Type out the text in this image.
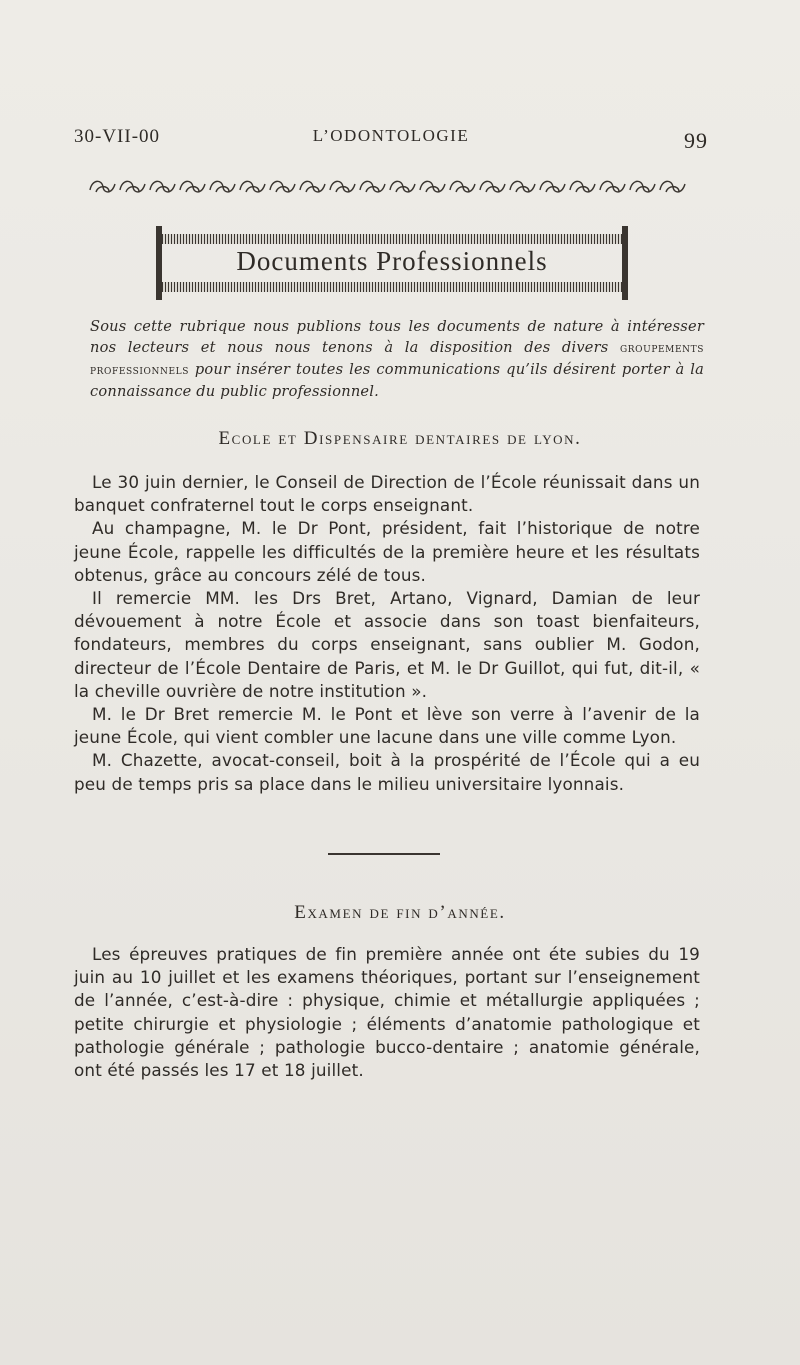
30-VII-00	L’ODONTOLOGIE	99
Documents Professionnels
Sous cette rubrique nous publions tous les documents de nature à intéresser nos lecteurs et nous nous tenons à la disposition des divers groupements professionnels pour insérer toutes les communications qu’ils désirent porter à la connaissance du public professionnel.
Ecole et Dispensaire dentaires de lyon.

Le 30 juin dernier, le Conseil de Direction de l’École réunissait dans un banquet confraternel tout le corps enseignant.

Au champagne, M. le Dr Pont, président, fait l’historique de notre jeune École, rappelle les difficultés de la première heure et les résultats obtenus, grâce au concours zélé de tous.

Il remercie MM. les Drs Bret, Artano, Vignard, Damian de leur dévouement à notre École et associe dans son toast bienfaiteurs, fondateurs, membres du corps enseignant, sans oublier M. Godon, directeur de l’École Dentaire de Paris, et M. le Dr Guillot, qui fut, dit-il, « la cheville ouvrière de notre institution ».

M. le Dr Bret remercie M. le Pont et lève son verre à l’avenir de la jeune École, qui vient combler une lacune dans une ville comme Lyon.

M. Chazette, avocat-conseil, boit à la prospérité de l’École qui a eu peu de temps pris sa place dans le milieu universitaire lyonnais.

Examen de fin d’année.

Les épreuves pratiques de fin première année ont éte subies du 19 juin au 10 juillet et les examens théoriques, portant sur l’enseignement de l’année, c’est-à-dire : physique, chimie et métallurgie appliquées ; petite chirurgie et physiologie ; éléments d’anatomie pathologique et pathologie générale ; pathologie bucco-dentaire ; anatomie générale, ont été passés les 17 et 18 juillet.
